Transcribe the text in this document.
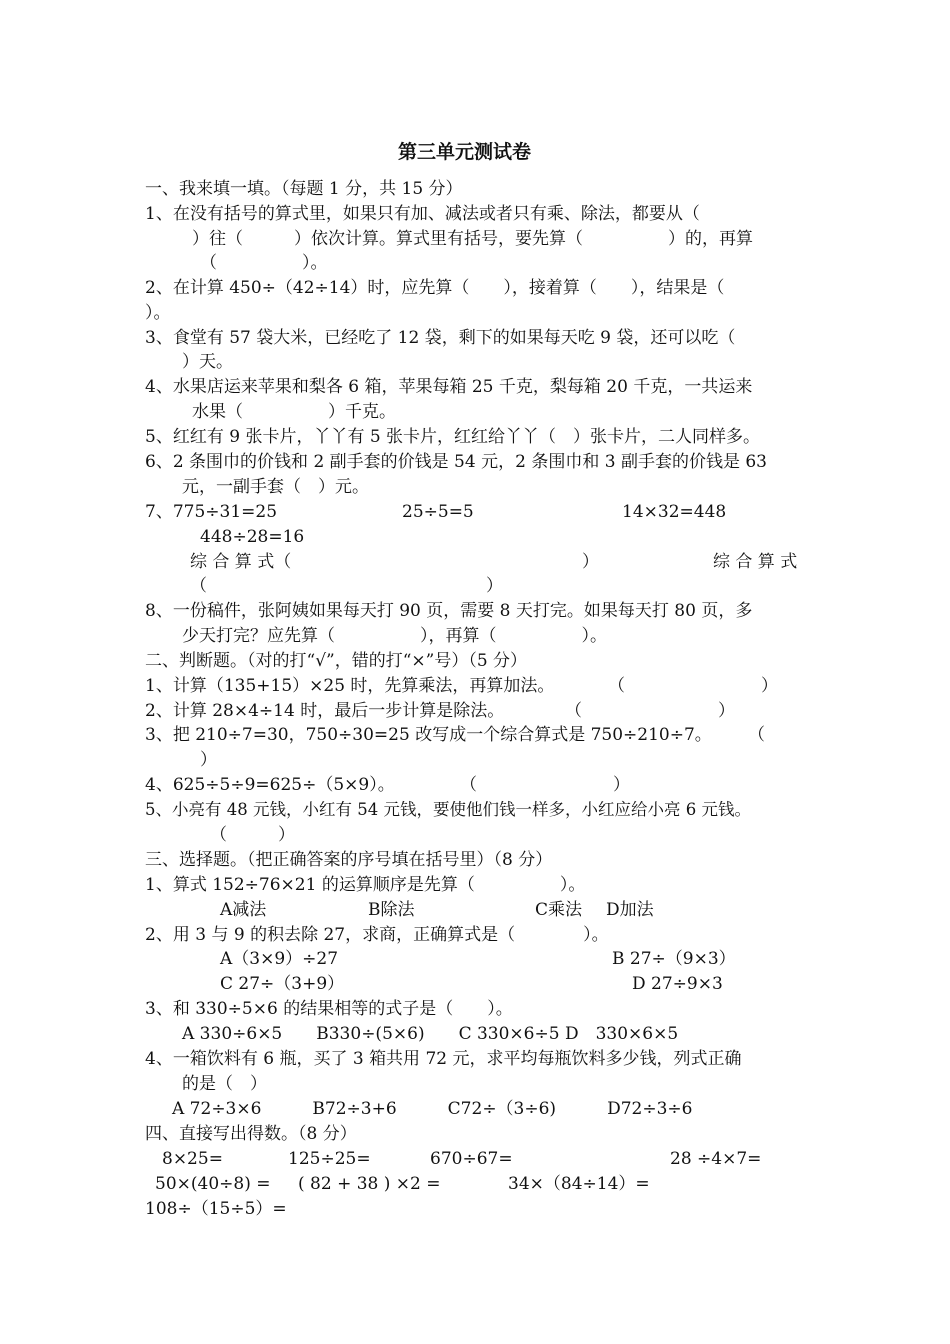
第三单元测试卷
一、我来填一填。（每题 1 分，共 15 分）
1、在没有括号的算式里，如果只有加、减法或者只有乘、除法，都要从（
）往（　　　）依次计算。算式里有括号，要先算（　　　　　）的，再算
（　　　　　）。
2、在计算 450÷（42÷14）时，应先算（　　），接着算（　　），结果是（
）。
3、食堂有 57 袋大米，已经吃了 12 袋，剩下的如果每天吃 9 袋，还可以吃（
）天。
4、水果店运来苹果和梨各 6 箱，苹果每箱 25 千克，梨每箱 20 千克，一共运来
水果（　　　　　）千克。
5、红红有 9 张卡片，丫丫有 5 张卡片，红红给丫丫（　）张卡片，二人同样多。
6、2 条围巾的价钱和 2 副手套的价钱是 54 元，2 条围巾和 3 副手套的价钱是 63
元，一副手套（　）元。
7、775÷31=25	25÷5=5	14×32=448
448÷28=16
综 合 算 式（	）	综 合 算 式
（	）
8、一份稿件，张阿姨如果每天打 90 页，需要 8 天打完。如果每天打 80 页，多
少天打完？应先算（　　　　　），再算（　　　　　）。
二、判断题。（对的打“√”，错的打“×”号）（5 分）
1、计算（135+15）×25 时，先算乘法，再算加法。	（　　　　　　　　）
2、计算 28×4÷14 时，最后一步计算是除法。	（　　　　　　　　）
3、把 210÷7=30，750÷30=25 改写成一个综合算式是 750÷210÷7。 （
）
4、625÷5÷9=625÷（5×9）。	（　　　　　　　　）
5、小亮有 48 元钱，小红有 54 元钱，要使他们钱一样多，小红应给小亮 6 元钱。
（　　　）
三、选择题。（把正确答案的序号填在括号里）（8 分）
1、算式 152÷76×21 的运算顺序是先算（　　　　　）。
A减法	B除法	C乘法 D加法
2、用 3 与 9 的积去除 27，求商，正确算式是（　　　　）。
A（3×9）÷27	B 27÷（9×3）
C 27÷（3+9）	D 27÷9×3
3、和 330÷5×6 的结果相等的式子是（　　）。
A 330÷6×5　　B330÷(5×6)　　C 330×6÷5 D　330×6×5
4、一箱饮料有 6 瓶，买了 3 箱共用 72 元，求平均每瓶饮料多少钱，列式正确
的是（　）
A 72÷3×6　　　B72÷3+6　　　C72÷（3÷6)　　　D72÷3÷6
四、直接写出得数。（8 分）
8×25=	125÷25=	670÷67=	28 ÷4×7=
50×(40÷8) = ( 82 + 38 ) ×2 =	34×（84÷14）=
108÷（15÷5）=
